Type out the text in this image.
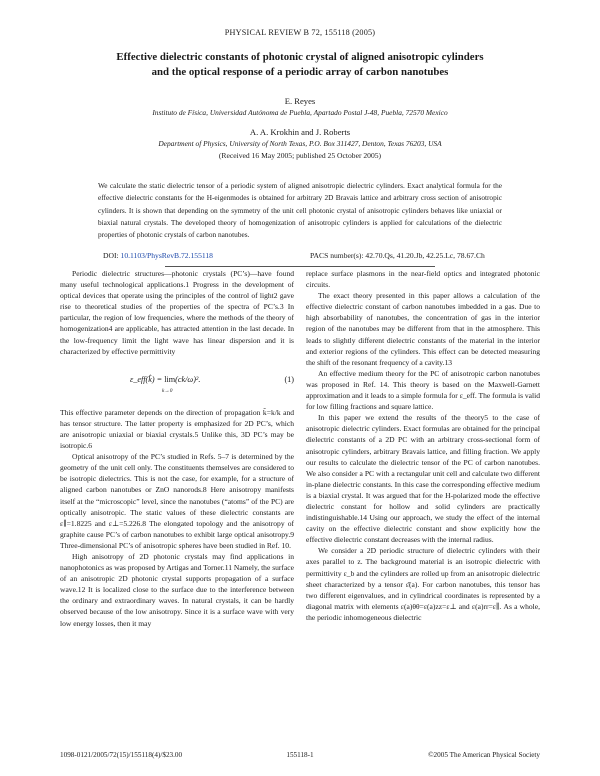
PHYSICAL REVIEW B 72, 155118 (2005)
Effective dielectric constants of photonic crystal of aligned anisotropic cylinders
and the optical response of a periodic array of carbon nanotubes
E. Reyes
Instituto de Física, Universidad Autónoma de Puebla, Apartado Postal J-48, Puebla, 72570 Mexico
A. A. Krokhin and J. Roberts
Department of Physics, University of North Texas, P.O. Box 311427, Denton, Texas 76203, USA
(Received 16 May 2005; published 25 October 2005)
We calculate the static dielectric tensor of a periodic system of aligned anisotropic dielectric cylinders. Exact analytical formula for the effective dielectric constants for the H-eigenmodes is obtained for arbitrary 2D Bravais lattice and arbitrary cross section of anisotropic cylinders. It is shown that depending on the symmetry of the unit cell photonic crystal of anisotropic cylinders behaves like uniaxial or biaxial natural crystals. The developed theory of homogenization of anisotropic cylinders is applied for calculations of the dielectric properties of photonic crystals of carbon nanotubes.
DOI: 10.1103/PhysRevB.72.155118	PACS number(s): 42.70.Qs, 41.20.Jb, 42.25.Lc, 78.67.Ch

Periodic dielectric structures—photonic crystals (PC’s)—have found many useful technological applications.1 Progress in the development of optical devices that operate using the principles of the control of light2 gave rise to theoretical studies of the properties of the spectra of PC’s.3 In particular, the region of low frequencies, where the methods of the theory of homogenization4 are applicable, has attracted attention in the last decade. In the low-frequency limit the light wave has linear dispersion and it is characterized by effective permittivity

ε_eff(k̂) = lim
k→0
(ck/ω)².	(1)

This effective parameter depends on the direction of propagation k̂=k/k and has tensor structure. The latter property is emphasized for 2D PC’s, which are anisotropic uniaxial or biaxial crystals.5 Unlike this, 3D PC’s may be isotropic.6

Optical anisotropy of the PC’s studied in Refs. 5–7 is determined by the geometry of the unit cell only. The constituents themselves are considered to be isotropic dielectrics. This is not the case, for example, for a structure of aligned carbon nanotubes or ZnO nanorods.8 Here anisotropy manifests itself at the “microscopic” level, since the nanotubes (“atoms” of the PC) are optically anisotropic. The static values of these dielectric constants are ε∥=1.8225 and ε⊥=5.226.8 The elongated topology and the anisotropy of graphite cause PC’s of carbon nanotubes to exhibit large optical anisotropy.9 Three-dimensional PC’s of anisotropic spheres have been studied in Ref. 10.

High anisotropy of 2D photonic crystals may find applications in nanophotonics as was proposed by Artigas and Torner.11 Namely, the surface of an anisotropic 2D photonic crystal supports propagation of a surface wave.12 It is localized close to the surface due to the interference between the ordinary and extraordinary waves. In natural crystals, it can be hardly observed because of the low anisotropy. Since it is a surface wave with very low energy losses, then it may

replace surface plasmons in the near-field optics and integrated photonic circuits.

The exact theory presented in this paper allows a calculation of the effective dielectric constant of carbon nanotubes imbedded in a gas. Due to high absorbability of nanotubes, the concentration of gas in the interior region of the nanotubes may be different from that in the atmosphere. This leads to slightly different dielectric constants of the material in the interior and exterior regions of the cylinders. This effect can be detected measuring the shift of the resonant frequency of a cavity.13

An effective medium theory for the PC of anisotropic carbon nanotubes was proposed in Ref. 14. This theory is based on the Maxwell-Garnett approximation and it leads to a simple formula for ε_eff. The formula is valid for low filling fractions and square lattice.

In this paper we extend the results of the theory5 to the case of anisotropic dielectric cylinders. Exact formulas are obtained for the principal dielectric constants of a 2D PC with an arbitrary cross-sectional form of anisotropic cylinders, arbitrary Bravais lattice, and filling fraction. We apply our results to calculate the dielectric tensor of the PC of carbon nanotubes. We also consider a PC with a rectangular unit cell and calculate two different in-plane dielectric constants. In this case the corresponding effective medium is a biaxial crystal. It was argued that for the H-polarized mode the effective dielectric constant for hollow and solid cylinders are practically indistinguishable.14 Using our approach, we study the effect of the internal cavity on the effective dielectric constant and show explicitly how the effective dielectric constant decreases with the internal radius.

We consider a 2D periodic structure of dielectric cylinders with their axes parallel to z. The background material is an isotropic dielectric with permittivity ε_b and the cylinders are rolled up from an anisotropic dielectric sheet characterized by a tensor ε̂(a). For carbon nanotubes, this tensor has two different eigenvalues, and in cylindrical coordinates is represented by a diagonal matrix with elements ε(a)θθ=ε(a)zz=ε⊥ and ε(a)rr=ε∥. As a whole, the periodic inhomogeneous dielectric

1098-0121/2005/72(15)/155118(4)/$23.00	155118-1	©2005 The American Physical Society
